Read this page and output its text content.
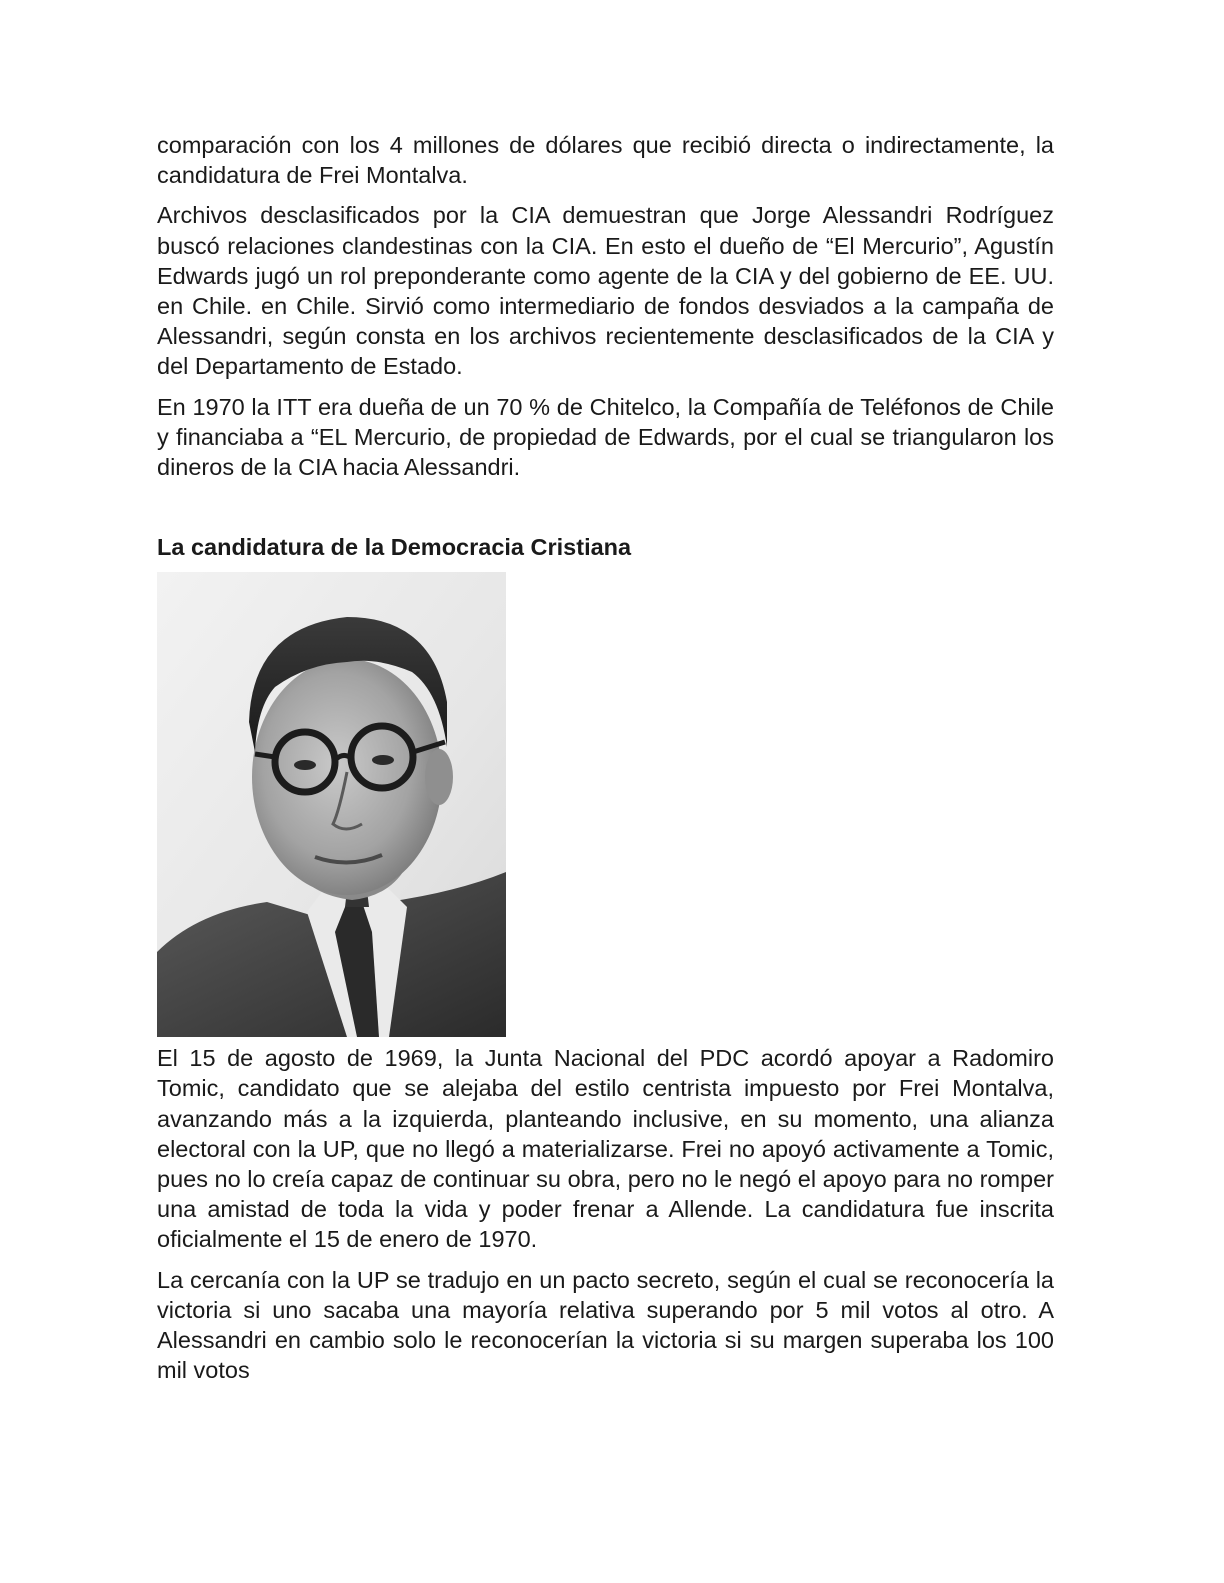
comparación con los 4 millones de dólares que recibió directa o indirectamente, la candidatura de Frei Montalva.

Archivos desclasificados por la CIA demuestran que Jorge Alessandri Rodríguez buscó relaciones clandestinas con la CIA. En esto el dueño de “El Mercurio”, Agustín Edwards jugó un rol preponderante como agente de la CIA y del gobierno de EE. UU. en Chile. en Chile. Sirvió como intermediario de fondos desviados a la campaña de Alessandri, según consta en los archivos recientemente desclasificados de la CIA y del Departamento de Estado.

En 1970 la ITT era dueña de un 70 % de Chitelco, la Compañía de Teléfonos de Chile y financiaba a “EL Mercurio, de propiedad de Edwards, por el cual se triangularon los dineros de la CIA hacia Alessandri.

La candidatura de la Democracia Cristiana

El 15 de agosto de 1969, la Junta Nacional del PDC acordó apoyar a Radomiro Tomic, candidato que se alejaba del estilo centrista impuesto por Frei Montalva, avanzando más a la izquierda, planteando inclusive, en su momento, una alianza electoral con la UP, que no llegó a materializarse. Frei no apoyó activamente a Tomic, pues no lo creía capaz de continuar su obra, pero no le negó el apoyo para no romper una amistad de toda la vida y poder frenar a Allende. La candidatura fue inscrita oficialmente el 15 de enero de 1970.

La cercanía con la UP se tradujo en un pacto secreto, según el cual se reconocería la victoria si uno sacaba una mayoría relativa superando por 5 mil votos al otro. A Alessandri en cambio solo le reconocerían la victoria si su margen superaba los 100 mil votos
